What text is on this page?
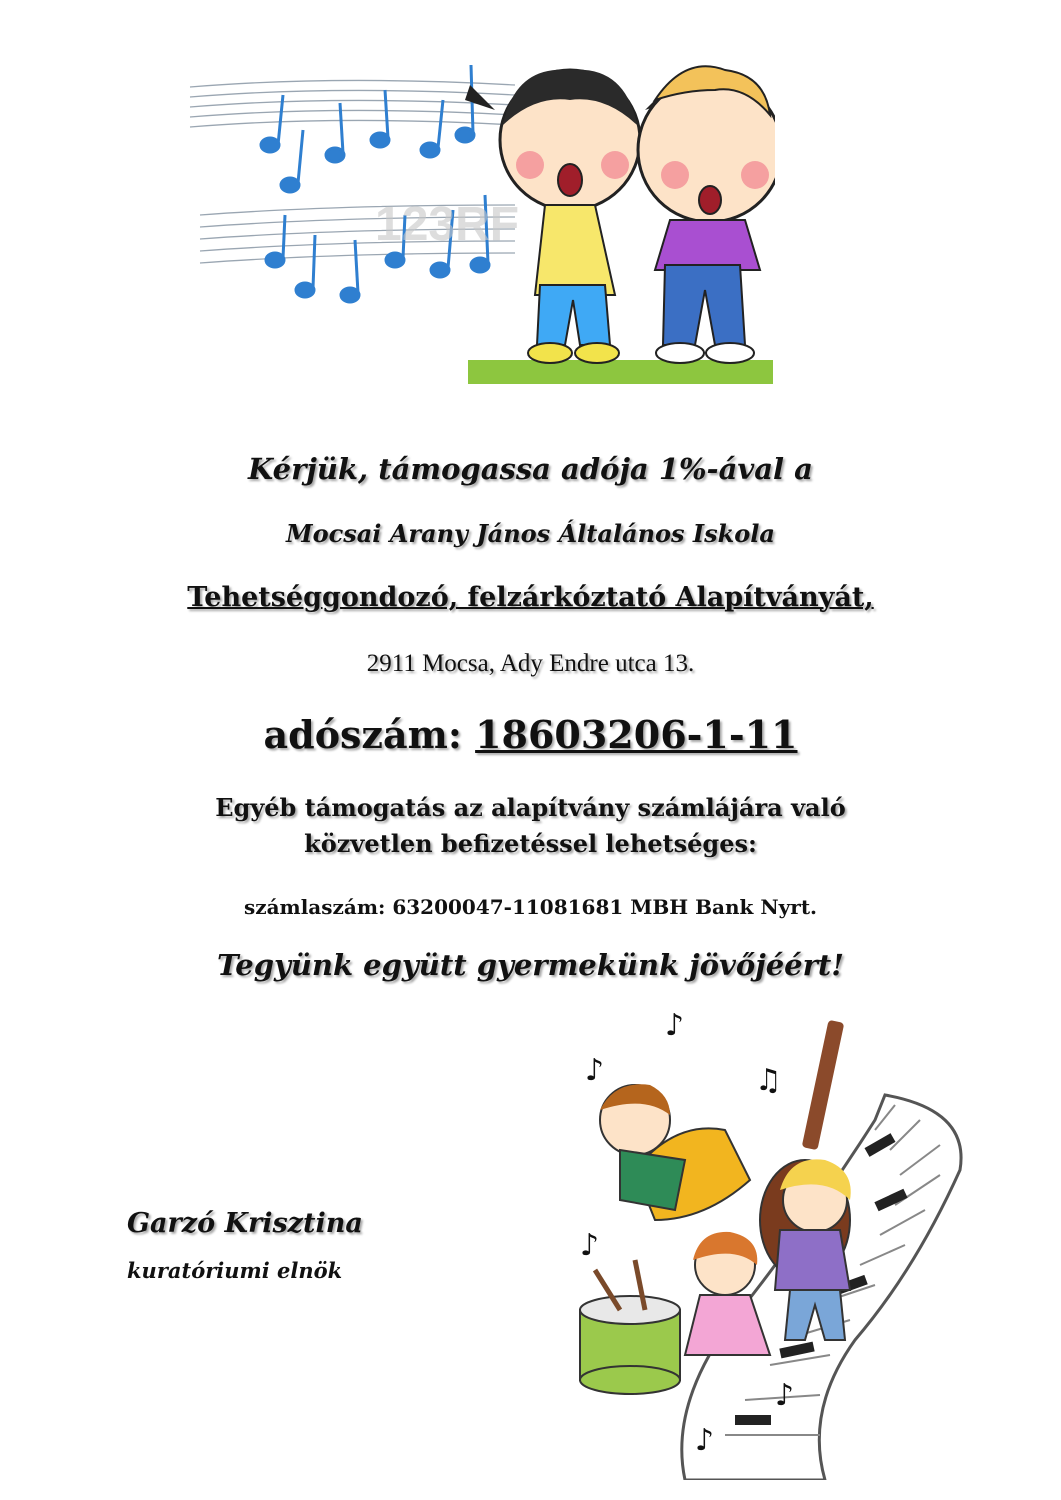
123RF
Kérjük, támogassa adója 1%-ával a
Mocsai Arany János Általános Iskola
Tehetséggondozó, felzárkóztató Alapítványát,
2911 Mocsa, Ady Endre utca 13.
adószám: 18603206-1-11
Egyéb támogatás az alapítvány számlájára való
közvetlen befizetéssel lehetséges:
számlaszám: 63200047-11081681 MBH Bank Nyrt.
Tegyünk együtt gyermekünk jövőjéért!
Garzó Krisztina
kuratóriumi elnök
♪
♪
♫
♪
♪
♪
